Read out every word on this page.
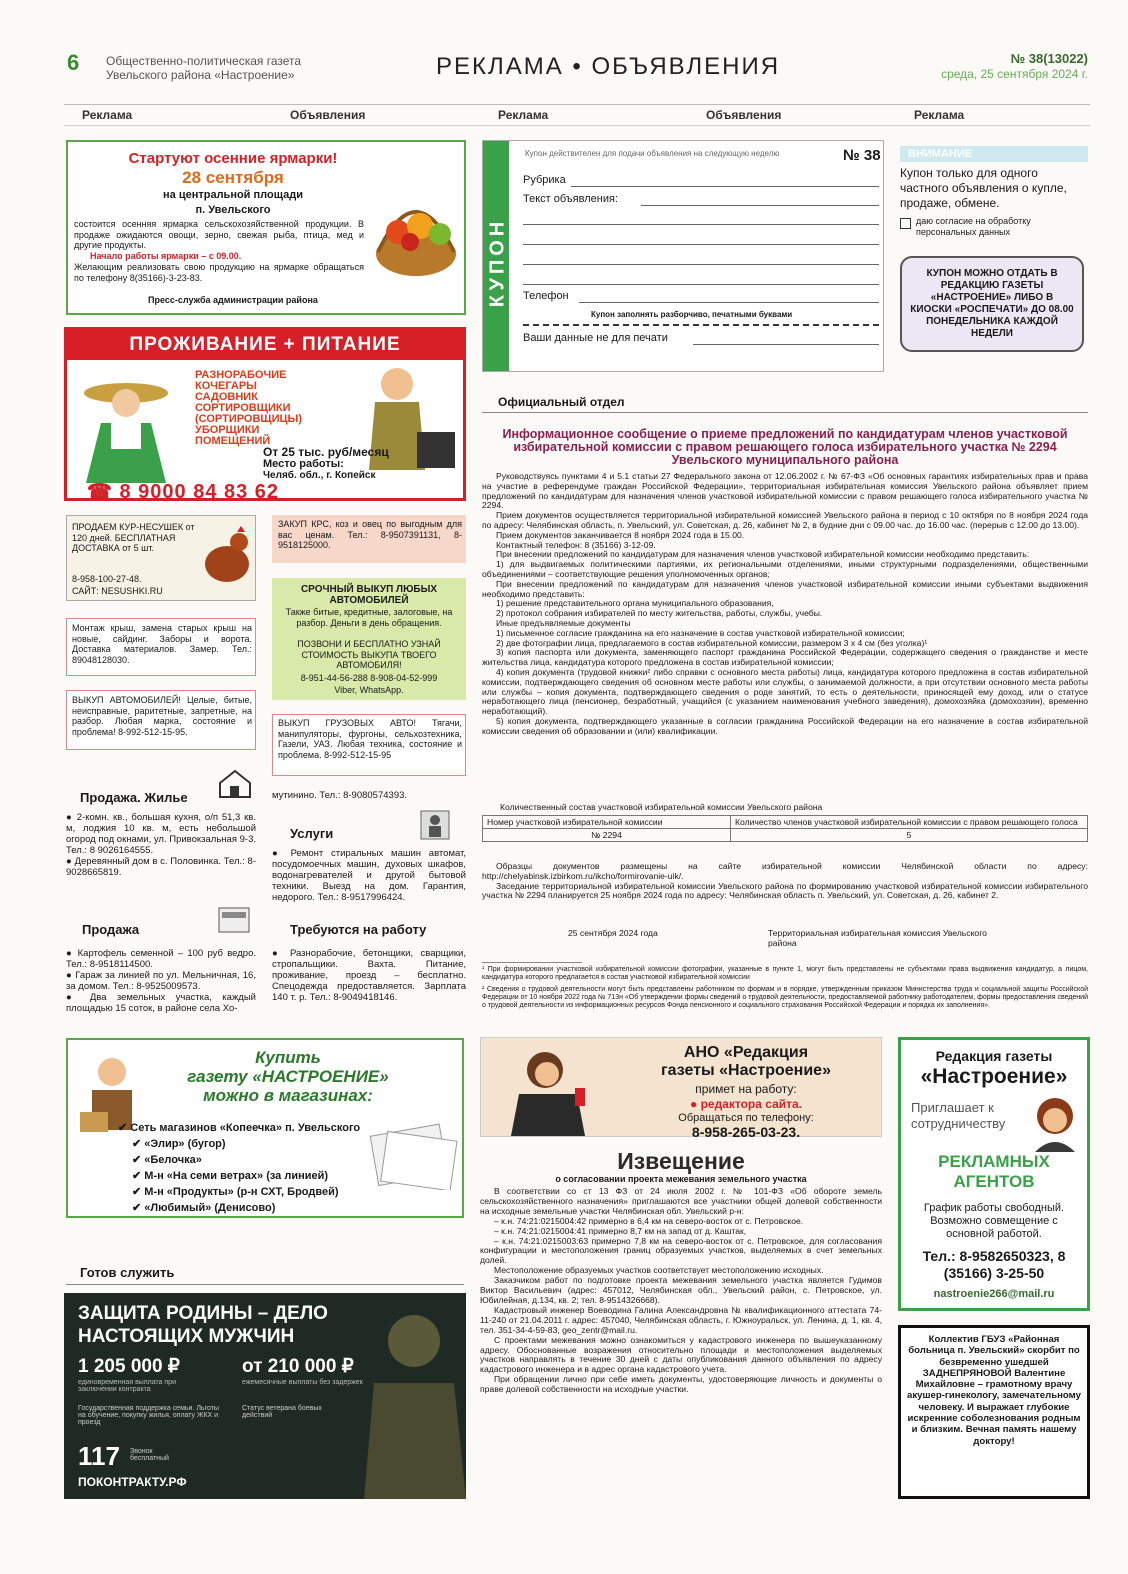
6 Общественно-политическая газета
Увельского района «Настроение»	РЕКЛАМА • ОБЪЯВЛЕНИЯ	№ 38(13022)
среда, 25 сентября 2024 г.
Реклама	Объявления	Реклама	Объявления	Реклама
Стартуют осенние ярмарки!
28 сентября
на центральной площади
п. Увельского
состоится осенняя ярмарка сельскохозяйственной продукции. В продаже ожидаются овощи, зерно, свежая рыба, птица, мед и другие продукты.
Начало работы ярмарки – с 09.00.
Желающим реализовать свою продукцию на ярмарке обращаться по телефону 8(35166)-3-23-83.
Пресс-служба администрации района
ПРОЖИВАНИЕ + ПИТАНИЕ
РАЗНОРАБОЧИЕ
КОЧЕГАРЫ
САДОВНИК
СОРТИРОВЩИКИ
(СОРТИРОВЩИЦЫ)
УБОРЩИКИ
ПОМЕЩЕНИЙ
От 25 тыс. руб/месяц
Место работы:
Челяб. обл., г. Копейск
☎ 8 9000 84 83 62
ПРОДАЕМ КУР-НЕСУШЕК от 120 дней. БЕСПЛАТНАЯ ДОСТАВКА от 5 шт.
8-958-100-27-48.
САЙТ: NESUSHKI.RU
ЗАКУП КРС, коз и овец по выгодным для вас ценам. Тел.: 8-9507391131, 8-9518125000.
Монтаж крыш, замена старых крыш на новые, сайдинг. Заборы и ворота. Доставка материалов. Замер. Тел.: 89048128030.
СРОЧНЫЙ ВЫКУП ЛЮБЫХ АВТОМОБИЛЕЙ
Также битые, кредитные, залоговые, на разбор. Деньги в день обращения.
ПОЗВОНИ И БЕСПЛАТНО УЗНАЙ СТОИМОСТЬ ВЫКУПА ТВОЕГО АВТОМОБИЛЯ!
8-951-44-56-288 8-908-04-52-999
Viber, WhatsApp.
ВЫКУП АВТОМОБИЛЕЙ! Целые, битые, неисправные, раритетные, запретные, на разбор. Любая марка, состояние и проблема! 8-992-512-15-95.
ВЫКУП ГРУЗОВЫХ АВТО! Тягачи, манипуляторы, фургоны, сельхозтехника, Газели, УАЗ. Любая техника, состояние и проблема. 8-992-512-15-95
Продажа. Жилье
● 2-комн. кв., большая кухня, о/п 51,3 кв. м, лоджия 10 кв. м, есть небольшой огород под окнами, ул. Привокзальная 9-3. Тел.: 8 9026164555.
● Деревянный дом в с. Половинка. Тел.: 8-9028665819.
мутинино. Тел.: 8-9080574393.
Услуги
● Ремонт стиральных машин автомат, посудомоечных машин, духовых шкафов, водонагревателей и другой бытовой техники. Выезд на дом. Гарантия, недорого. Тел.: 8-9517996424.
Продажа
● Картофель семенной – 100 руб ведро. Тел.: 8-9518114500.
● Гараж за линией по ул. Мельничная, 16, за домом. Тел.: 8-9525009573.
● Два земельных участка, каждый площадью 15 соток, в районе села Хо-
Требуются на работу
● Разнорабочие, бетонщики, сварщики, стропальщики. Вахта. Питание, проживание, проезд – бесплатно. Спецодежда предоставляется. Зарплата 140 т. р. Тел.: 8-9049418146.
Купить
газету «НАСТРОЕНИЕ»
можно в магазинах:
✔ Сеть магазинов «Копеечка» п. Увельского
✔ «Элир» (бугор)
✔ «Белочка»
✔ М-н «На семи ветрах» (за линией)
✔ М-н «Продукты» (р-н СХТ, Бродвей)
✔ «Любимый» (Денисово)
Готов служить
ЗАЩИТА РОДИНЫ – ДЕЛО
НАСТОЯЩИХ МУЖЧИН
1 205 000 ₽
единовременная выплата при заключении контракта
от 210 000 ₽
ежемесячные выплаты без задержек
Государственная поддержка семьи. Льготы на обучение, покупку жилья, оплату ЖКХ и проезд
Статус ветерана боевых действий
117 Звонок бесплатный
ПОКОНТРАКТУ.РФ
КУПОН
Купон действителен для подачи объявления на следующую неделю	№ 38
Рубрика
Текст объявления:
Телефон
Купон заполнять разборчиво, печатными буквами
Ваши данные не для печати
ВНИМАНИЕ
Купон только для одного частного объявления о купле, продаже, обмене.
даю согласие на обработку персональных данных
КУПОН МОЖНО ОТДАТЬ В РЕДАКЦИЮ ГАЗЕТЫ «НАСТРОЕНИЕ» ЛИБО В КИОСКИ «РОСПЕЧАТИ» ДО 08.00 ПОНЕДЕЛЬНИКА КАЖДОЙ НЕДЕЛИ
Официальный отдел
Информационное сообщение о приеме предложений по кандидатурам членов участковой избирательной комиссии с правом решающего голоса избирательного участка № 2294 Увельского муниципального района

Руководствуясь пунктами 4 и 5.1 статьи 27 Федерального закона от 12.06.2002 г. № 67-ФЗ «Об основных гарантиях избирательных прав и права на участие в референдуме граждан Российской Федерации», территориальная избирательная комиссия Увельского района объявляет прием предложений по кандидатурам для назначения членов участковой избирательной комиссии с правом решающего голоса избирательного участка № 2294.

Прием документов осуществляется территориальной избирательной комиссией Увельского района в период с 10 октября по 8 ноября 2024 года по адресу: Челябинская область, п. Увельский, ул. Советская, д. 26, кабинет № 2, в будние дни с 09.00 час. до 16.00 час. (перерыв с 12.00 до 13.00).

Прием документов заканчивается 8 ноября 2024 года в 15.00.

Контактный телефон: 8 (35166) 3-12-09.

При внесении предложений по кандидатурам для назначения членов участковой избирательной комиссии необходимо представить:

1) для выдвигаемых политическими партиями, их региональными отделениями, иными структурными подразделениями, общественными объединениями – соответствующие решения уполномоченных органов;

При внесении предложений по кандидатурам для назначения членов участковой избирательной комиссии иными субъектами выдвижения необходимо представить:

1) решение представительного органа муниципального образования,

2) протокол собрания избирателей по месту жительства, работы, службы, учебы.

Иные предъявляемые документы

1) письменное согласие гражданина на его назначение в состав участковой избирательной комиссии;

2) две фотографии лица, предлагаемого в состав избирательной комиссии, размером 3 х 4 см (без уголка)¹

3) копия паспорта или документа, заменяющего паспорт гражданина Российской Федерации, содержащего сведения о гражданстве и месте жительства лица, кандидатура которого предложена в состав избирательной комиссии;

4) копия документа (трудовой книжки² либо справки с основного места работы) лица, кандидатура которого предложена в состав избирательной комиссии, подтверждающего сведения об основном месте работы или службы, о занимаемой должности, а при отсутствии основного места работы или службы – копия документа, подтверждающего сведения о роде занятий, то есть о деятельности, приносящей ему доход, или о статусе неработающего лица (пенсионер, безработный, учащийся (с указанием наименования учебного заведения), домохозяйка (домохозяин), временно неработающий).

5) копия документа, подтверждающего указанные в согласии гражданина Российской Федерации на его назначение в состав избирательной комиссии сведения об образовании и (или) квалификации.

Количественный состав участковой избирательной комиссии Увельского района
Номер участковой избирательной комиссии	Количество членов участковой избирательной комиссии с правом решающего голоса
№ 2294	5

Образцы документов размещены на сайте избирательной комиссии Челябинской области по адресу: http://chelyabinsk.izbirkom.ru/ikcho/formirovanie-uik/.

Заседание территориальной избирательной комиссии Увельского района по формированию участковой избирательной комиссии избирательного участка № 2294 планируется 25 ноября 2024 года по адресу: Челябинская область п. Увельский, ул. Советская, д. 26, кабинет 2.

25 сентября 2024 года	Территориальная избирательная комиссия Увельского района
¹ При формировании участковой избирательной комиссии фотографии, указанные в пункте 1, могут быть представлены не субъектами права выдвижения кандидатур, а лицом, кандидатура которого предлагается в состав участковой избирательной комиссии
² Сведения о трудовой деятельности могут быть представлены работником по формам и в порядке, утвержденным приказом Министерства труда и социальной защиты Российской Федерации от 10 ноября 2022 года № 713н «Об утверждении формы сведений о трудовой деятельности, предоставляемой работнику работодателем, формы предоставления сведений о трудовой деятельности из информационных ресурсов Фонда пенсионного и социального страхования Российской Федерации и порядка их заполнения».
АНО «Редакция
газеты «Настроение»
примет на работу:
● редактора сайта.
Обращаться по телефону:
8-958-265-03-23.
Редакция газеты
«Настроение»
Приглашает к сотрудничеству
РЕКЛАМНЫХ
АГЕНТОВ
График работы свободный. Возможно совмещение с основной работой.
Тел.: 8-9582650323, 8 (35166) 3-25-50
nastroenie266@mail.ru
Извещение
о согласовании проекта межевания земельного участка

В соответствии со ст 13 ФЗ от 24 июля 2002 г. № 101-ФЗ «Об обороте земель сельскохозяйственного назначения» приглашаются все участники общей долевой собственности на исходные земельные участки Челябинская обл. Увельский р-н:

– к.н. 74:21:0215004:42 примерно в 6,4 км на северо-восток от с. Петровское.

– к.н. 74:21:0215004:41 примерно 8,7 км на запад от д. Каштак,

– к.н. 74:21:0215003:63 примерно 7,8 км на северо-восток от с. Петровское, для согласования конфигурации и местоположения границ образуемых участков, выделяемых в счет земельных долей.

Местоположение образуемых участков соответствует местоположению исходных.

Заказчиком работ по подготовке проекта межевания земельного участка является Гудимов Виктор Васильевич (адрес: 457012, Челябинская обл., Увельский район, с. Петровское, ул. Юбилейная, д.134, кв. 2; тел. 8-9514326668).

Кадастровый инженер Воеводина Галина Александровна № квалификационного аттестата 74-11-240 от 21.04.2011 г. адрес: 457040, Челябинская область, г. Южноуральск, ул. Ленина, д. 1, кв. 4, тел. 351-34-4-59-83, geo_zentr@mail.ru.

С проектами межевания можно ознакомиться у кадастрового инженера по вышеуказанному адресу. Обоснованные возражения относительно площади и местоположения выделяемых участков направлять в течение 30 дней с даты опубликования данного объявления по адресу кадастрового инженера и в адрес органа кадастрового учета.

При обращении лично при себе иметь документы, удостоверяющие личность и документы о праве долевой собственности на исходные участки.

Коллектив ГБУЗ «Районная больница п. Увельский» скорбит по безвременно ушедшей ЗАДНЕПРЯНОВОЙ Валентине Михайловне – грамотному врачу акушер-гинекологу, замечательному человеку. И выражает глубокие искренние соболезнования родным и близким. Вечная память нашему доктору!
